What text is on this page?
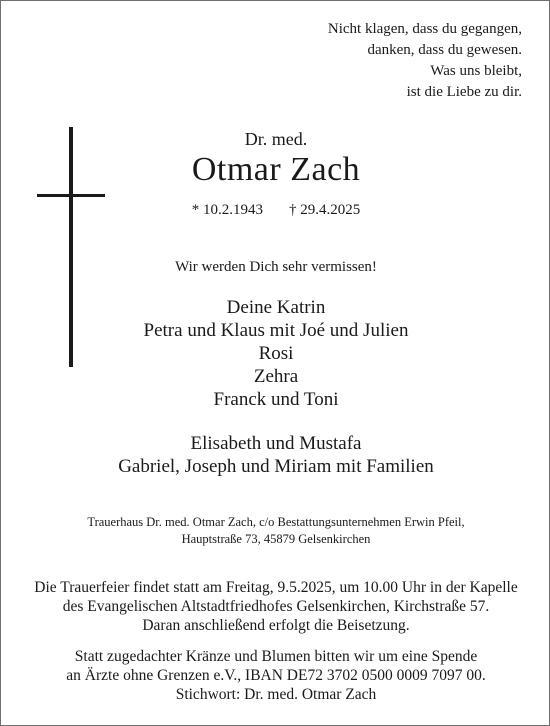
Nicht klagen, dass du gegangen,
danken, dass du gewesen.
Was uns bleibt,
ist die Liebe zu dir.
Dr. med.
Otmar Zach
* 10.2.1943 † 29.4.2025
Wir werden Dich sehr vermissen!
Deine Katrin
Petra und Klaus mit Joé und Julien
Rosi
Zehra
Franck und Toni
Elisabeth und Mustafa
Gabriel, Joseph und Miriam mit Familien
Trauerhaus Dr. med. Otmar Zach, c/o Bestattungsunternehmen Erwin Pfeil,
Hauptstraße 73, 45879 Gelsenkirchen
Die Trauerfeier findet statt am Freitag, 9.5.2025, um 10.00 Uhr in der Kapelle
des Evangelischen Altstadtfriedhofes Gelsenkirchen, Kirchstraße 57.
Daran anschließend erfolgt die Beisetzung.
Statt zugedachter Kränze und Blumen bitten wir um eine Spende
an Ärzte ohne Grenzen e.V., IBAN DE72 3702 0500 0009 7097 00.
Stichwort: Dr. med. Otmar Zach
